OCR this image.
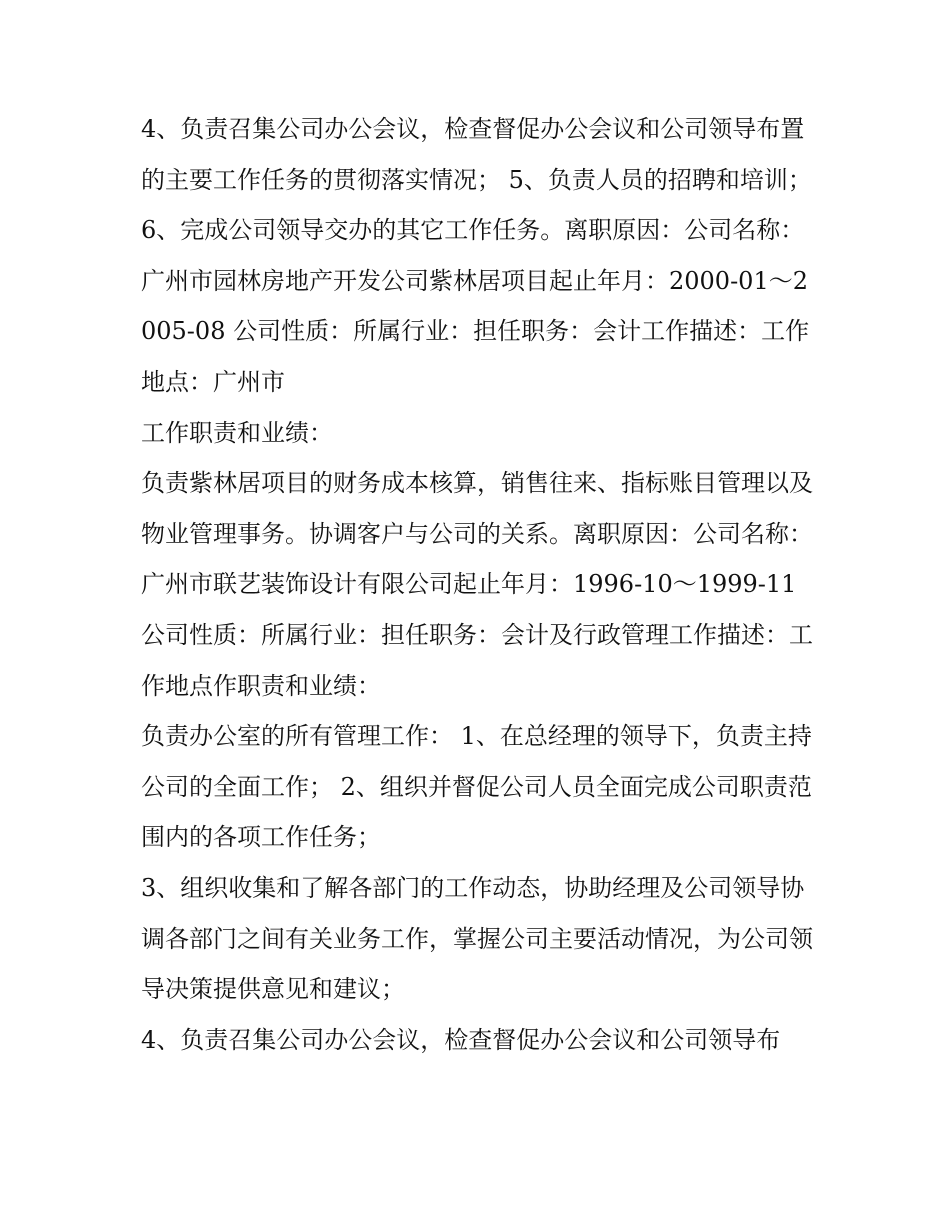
4、负责召集公司办公会议，检查督促办公会议和公司领导布置的主要工作任务的贯彻落实情况； 5、负责人员的招聘和培训；

6、完成公司领导交办的其它工作任务。离职原因：公司名称：广州市园林房地产开发公司紫林居项目起止年月：2000-01～2005-08 公司性质：所属行业：担任职务：会计工作描述：工作地点：广州市

工作职责和业绩：

负责紫林居项目的财务成本核算，销售往来、指标账目管理以及物业管理事务。协调客户与公司的关系。离职原因：公司名称：广州市联艺装饰设计有限公司起止年月：1996-10～1999-11 公司性质：所属行业：担任职务：会计及行政管理工作描述：工作地点作职责和业绩：

负责办公室的所有管理工作： 1、在总经理的领导下，负责主持公司的全面工作； 2、组织并督促公司人员全面完成公司职责范围内的各项工作任务；

3、组织收集和了解各部门的工作动态，协助经理及公司领导协调各部门之间有关业务工作，掌握公司主要活动情况，为公司领导决策提供意见和建议；

4、负责召集公司办公会议，检查督促办公会议和公司领导布
